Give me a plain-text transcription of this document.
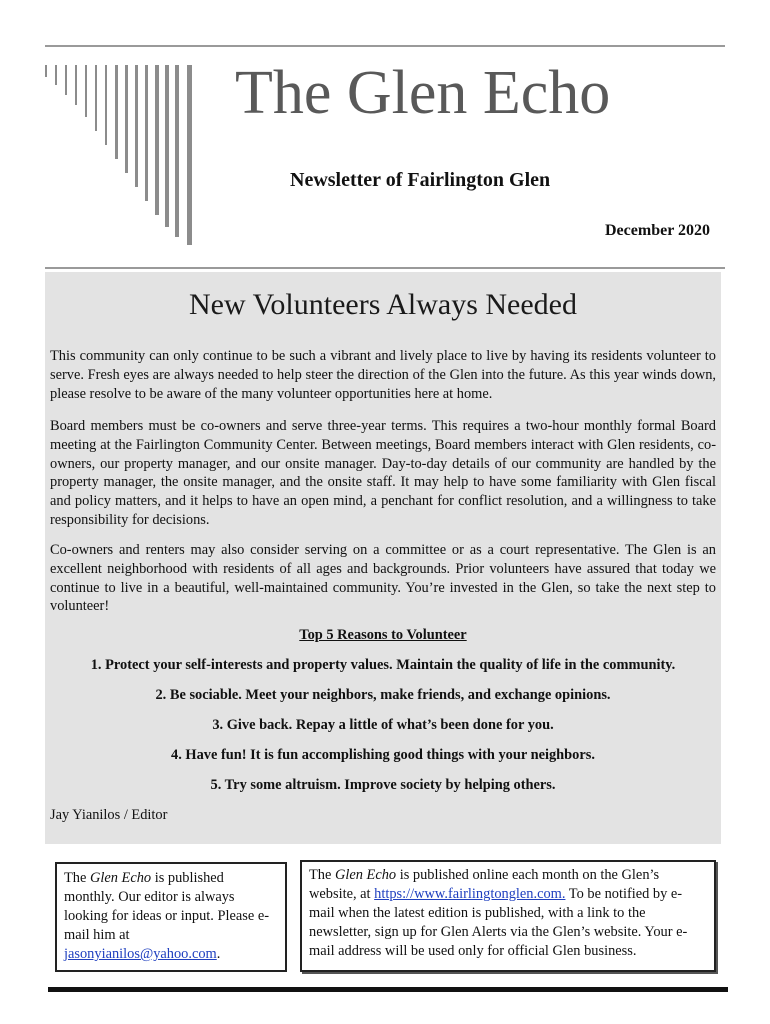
The Glen Echo
Newsletter of Fairlington Glen
December 2020
New Volunteers Always Needed
This community can only continue to be such a vibrant and lively place to live by having its residents volunteer to serve. Fresh eyes are always needed to help steer the direction of the Glen into the future. As this year winds down, please resolve to be aware of the many volunteer opportunities here at home.
Board members must be co-owners and serve three-year terms. This requires a two-hour monthly formal Board meeting at the Fairlington Community Center. Between meetings, Board members interact with Glen residents, co-owners, our property manager, and our onsite manager. Day-to-day details of our community are handled by the property manager, the onsite manager, and the onsite staff. It may help to have some familiarity with Glen fiscal and policy matters, and it helps to have an open mind, a penchant for conflict resolution, and a willingness to take responsibility for decisions.
Co-owners and renters may also consider serving on a committee or as a court representative. The Glen is an excellent neighborhood with residents of all ages and backgrounds. Prior volunteers have assured that today we continue to live in a beautiful, well-maintained community. You’re invested in the Glen, so take the next step to volunteer!
Top 5 Reasons to Volunteer
1. Protect your self-interests and property values. Maintain the quality of life in the community.
2. Be sociable. Meet your neighbors, make friends, and exchange opinions.
3. Give back. Repay a little of what’s been done for you.
4. Have fun! It is fun accomplishing good things with your neighbors.
5. Try some altruism. Improve society by helping others.
Jay Yianilos / Editor
The Glen Echo is published monthly. Our editor is always looking for ideas or input. Please e-mail him at jasonyianilos@yahoo.com.
The Glen Echo is published online each month on the Glen’s website, at https://www.fairlingtonglen.com. To be notified by e-mail when the latest edition is published, with a link to the newsletter, sign up for Glen Alerts via the Glen’s website. Your e-mail address will be used only for official Glen business.
